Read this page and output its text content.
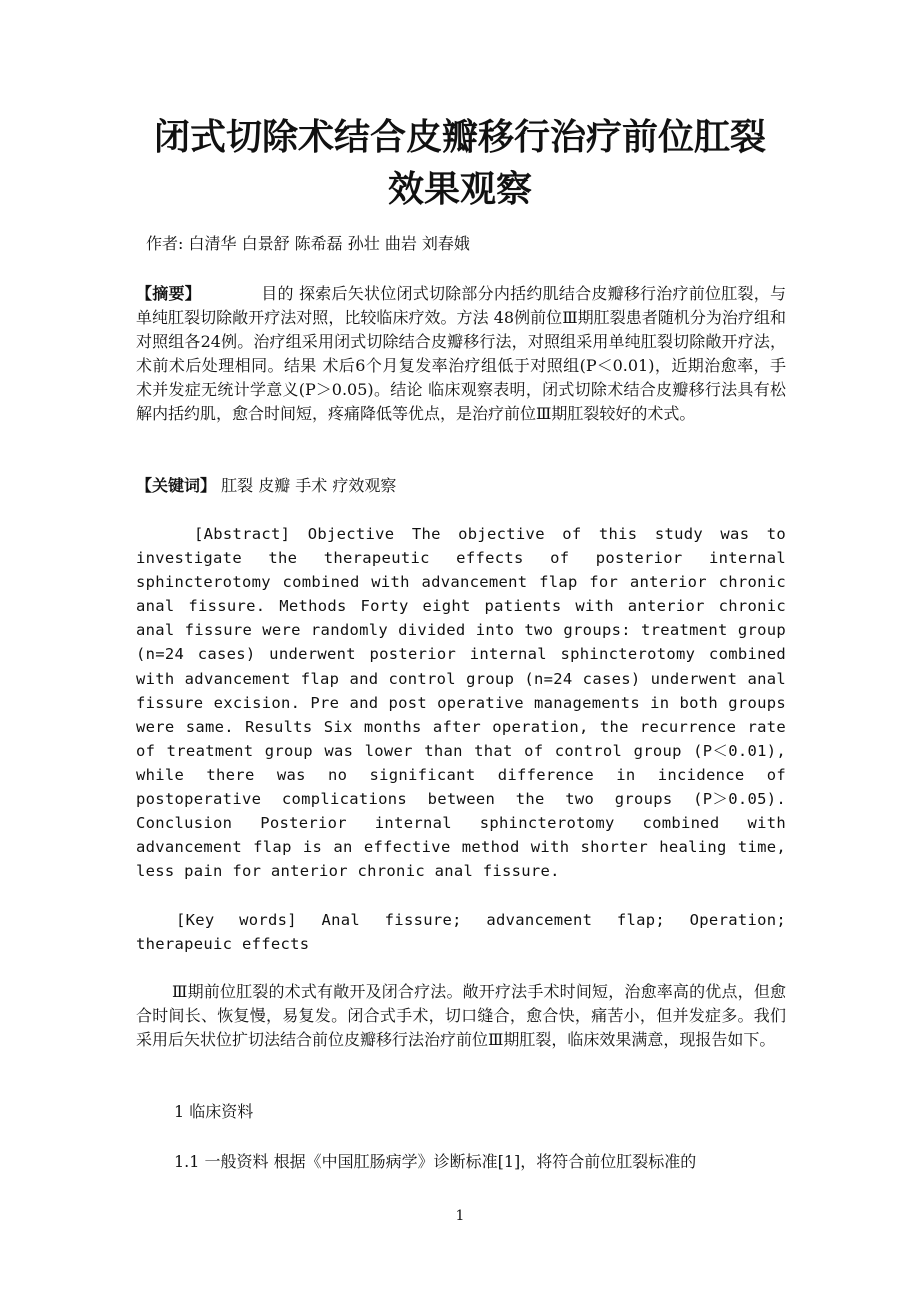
闭式切除术结合皮瓣移行治疗前位肛裂
效果观察

作者: 白清华 白景舒 陈希磊 孙壮 曲岩 刘春娥

【摘要】	目的 探索后矢状位闭式切除部分内括约肌结合皮瓣移行治疗前位肛裂，与单纯肛裂切除敞开疗法对照，比较临床疗效。方法 48例前位Ⅲ期肛裂患者随机分为治疗组和对照组各24例。治疗组采用闭式切除结合皮瓣移行法，对照组采用单纯肛裂切除敞开疗法，术前术后处理相同。结果 术后6个月复发率治疗组低于对照组(P＜0.01)，近期治愈率，手术并发症无统计学意义(P＞0.05)。结论 临床观察表明，闭式切除术结合皮瓣移行法具有松解内括约肌，愈合时间短，疼痛降低等优点，是治疗前位Ⅲ期肛裂较好的术式。

【关键词】 肛裂 皮瓣 手术 疗效观察

[Abstract] Objective The objective of this study was to investigate the therapeutic effects of posterior internal sphincterotomy combined with advancement flap for anterior chronic anal fissure. Methods Forty eight patients with anterior chronic anal fissure were randomly divided into two groups: treatment group (n=24 cases) underwent posterior internal sphincterotomy combined with advancement flap and control group (n=24 cases) underwent anal fissure excision. Pre and post operative managements in both groups were same. Results Six months after operation, the recurrence rate of treatment group was lower than that of control group (P＜0.01), while there was no significant difference in incidence of postoperative complications between the two groups (P＞0.05). Conclusion Posterior internal sphincterotomy combined with advancement flap is an effective method with shorter healing time, less pain for anterior chronic anal fissure.

[Key words] Anal fissure; advancement flap; Operation; therapeuic effects

Ⅲ期前位肛裂的术式有敞开及闭合疗法。敞开疗法手术时间短，治愈率高的优点，但愈合时间长、恢复慢，易复发。闭合式手术，切口缝合，愈合快，痛苦小，但并发症多。我们采用后矢状位扩切法结合前位皮瓣移行法治疗前位Ⅲ期肛裂，临床效果满意，现报告如下。

1 临床资料

1.1 一般资料 根据《中国肛肠病学》诊断标准[1]，将符合前位肛裂标准的

1
